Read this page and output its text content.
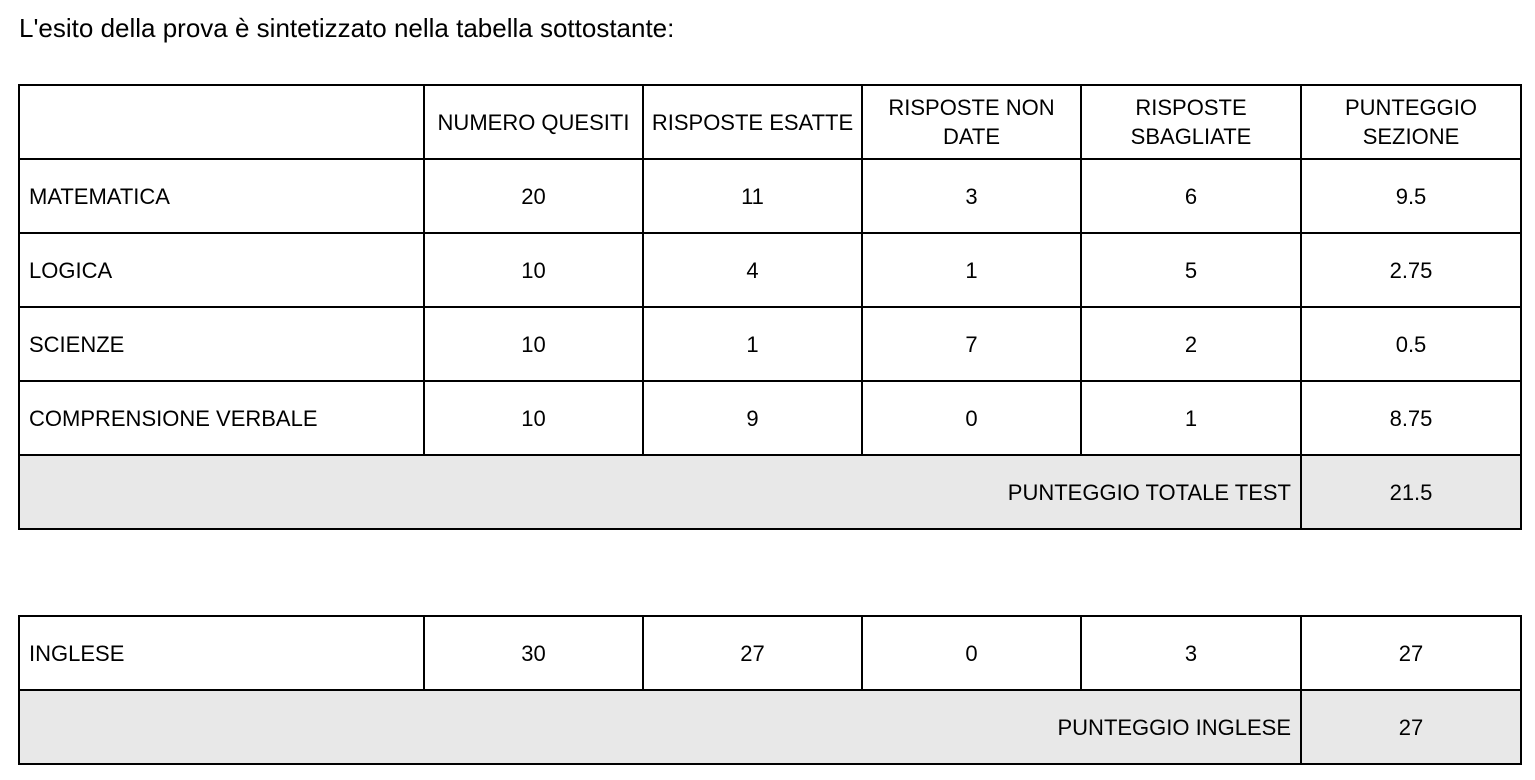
L'esito della prova è sintetizzato nella tabella sottostante:
	NUMERO QUESITI	RISPOSTE ESATTE	RISPOSTE NON DATE	RISPOSTE SBAGLIATE	PUNTEGGIO SEZIONE
MATEMATICA	20	11	3	6	9.5
LOGICA	10	4	1	5	2.75
SCIENZE	10	1	7	2	0.5
COMPRENSIONE VERBALE	10	9	0	1	8.75
PUNTEGGIO TOTALE TEST					21.5
INGLESE	30	27	0	3	27
PUNTEGGIO INGLESE					27
